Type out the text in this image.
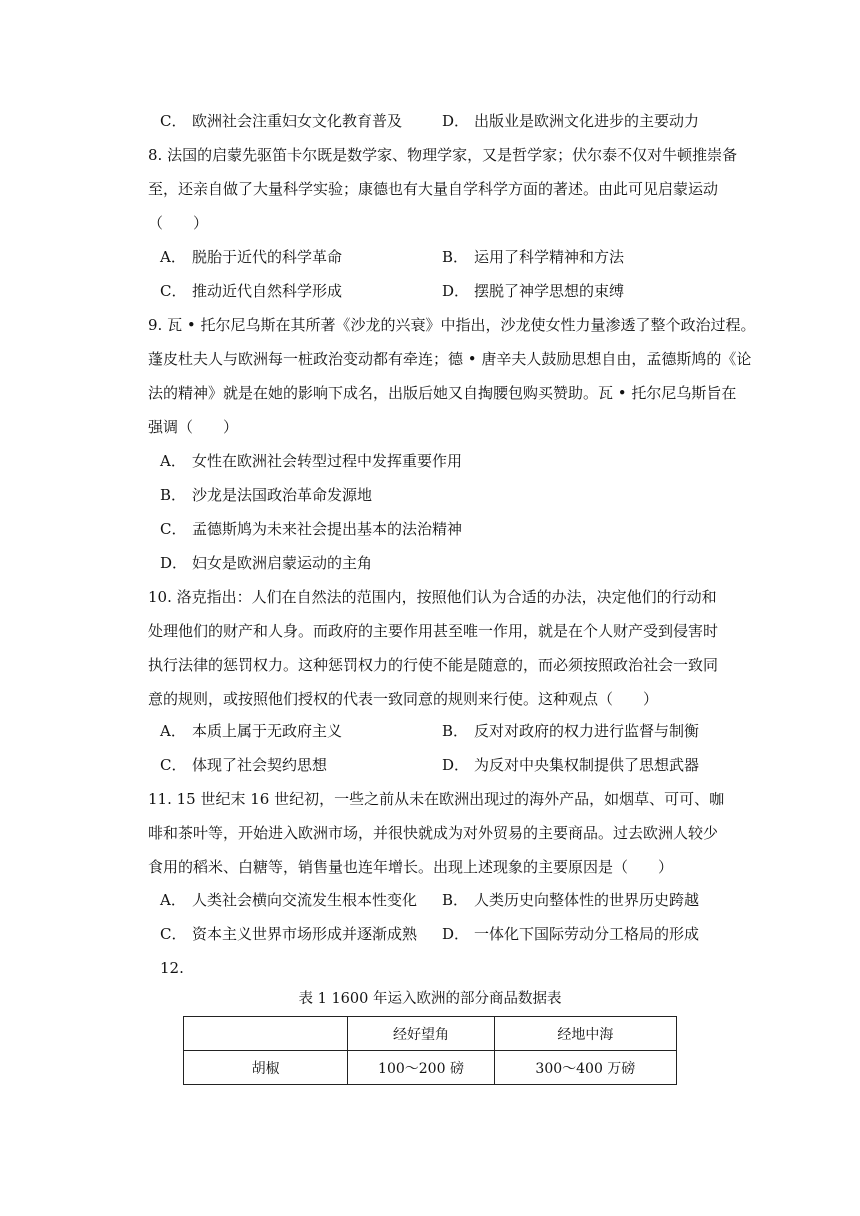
C． 欧洲社会注重妇女文化教育普及	D． 出版业是欧洲文化进步的主要动力
8. 法国的启蒙先驱笛卡尔既是数学家、物理学家，又是哲学家；伏尔泰不仅对牛顿推崇备
至，还亲自做了大量科学实验；康德也有大量自学科学方面的著述。由此可见启蒙运动
（　　）
A． 脱胎于近代的科学革命	B． 运用了科学精神和方法
C． 推动近代自然科学形成	D． 摆脱了神学思想的束缚
9. 瓦 • 托尔尼乌斯在其所著《沙龙的兴衰》中指出，沙龙使女性力量渗透了整个政治过程。
蓬皮杜夫人与欧洲每一桩政治变动都有牵连；德 • 唐辛夫人鼓励思想自由，孟德斯鸠的《论
法的精神》就是在她的影响下成名，出版后她又自掏腰包购买赞助。瓦 • 托尔尼乌斯旨在
强调（　　）
A． 女性在欧洲社会转型过程中发挥重要作用
B． 沙龙是法国政治革命发源地
C． 孟德斯鸠为未来社会提出基本的法治精神
D． 妇女是欧洲启蒙运动的主角
10. 洛克指出：人们在自然法的范围内，按照他们认为合适的办法，决定他们的行动和
处理他们的财产和人身。而政府的主要作用甚至唯一作用，就是在个人财产受到侵害时
执行法律的惩罚权力。这种惩罚权力的行使不能是随意的，而必须按照政治社会一致同
意的规则，或按照他们授权的代表一致同意的规则来行使。这种观点（　　）
A． 本质上属于无政府主义	B． 反对对政府的权力进行监督与制衡
C． 体现了社会契约思想	D． 为反对中央集权制提供了思想武器
11. 15 世纪末 16 世纪初，一些之前从未在欧洲出现过的海外产品，如烟草、可可、咖
啡和茶叶等，开始进入欧洲市场，并很快就成为对外贸易的主要商品。过去欧洲人较少
食用的稻米、白糖等，销售量也连年增长。出现上述现象的主要原因是（　　）
A． 人类社会横向交流发生根本性变化 B． 人类历史向整体性的世界历史跨越
C． 资本主义世界市场形成并逐渐成熟 D． 一体化下国际劳动分工格局的形成
12.
表 1 1600 年运入欧洲的部分商品数据表
	经好望角	经地中海
胡椒	100～200 磅	300～400 万磅
